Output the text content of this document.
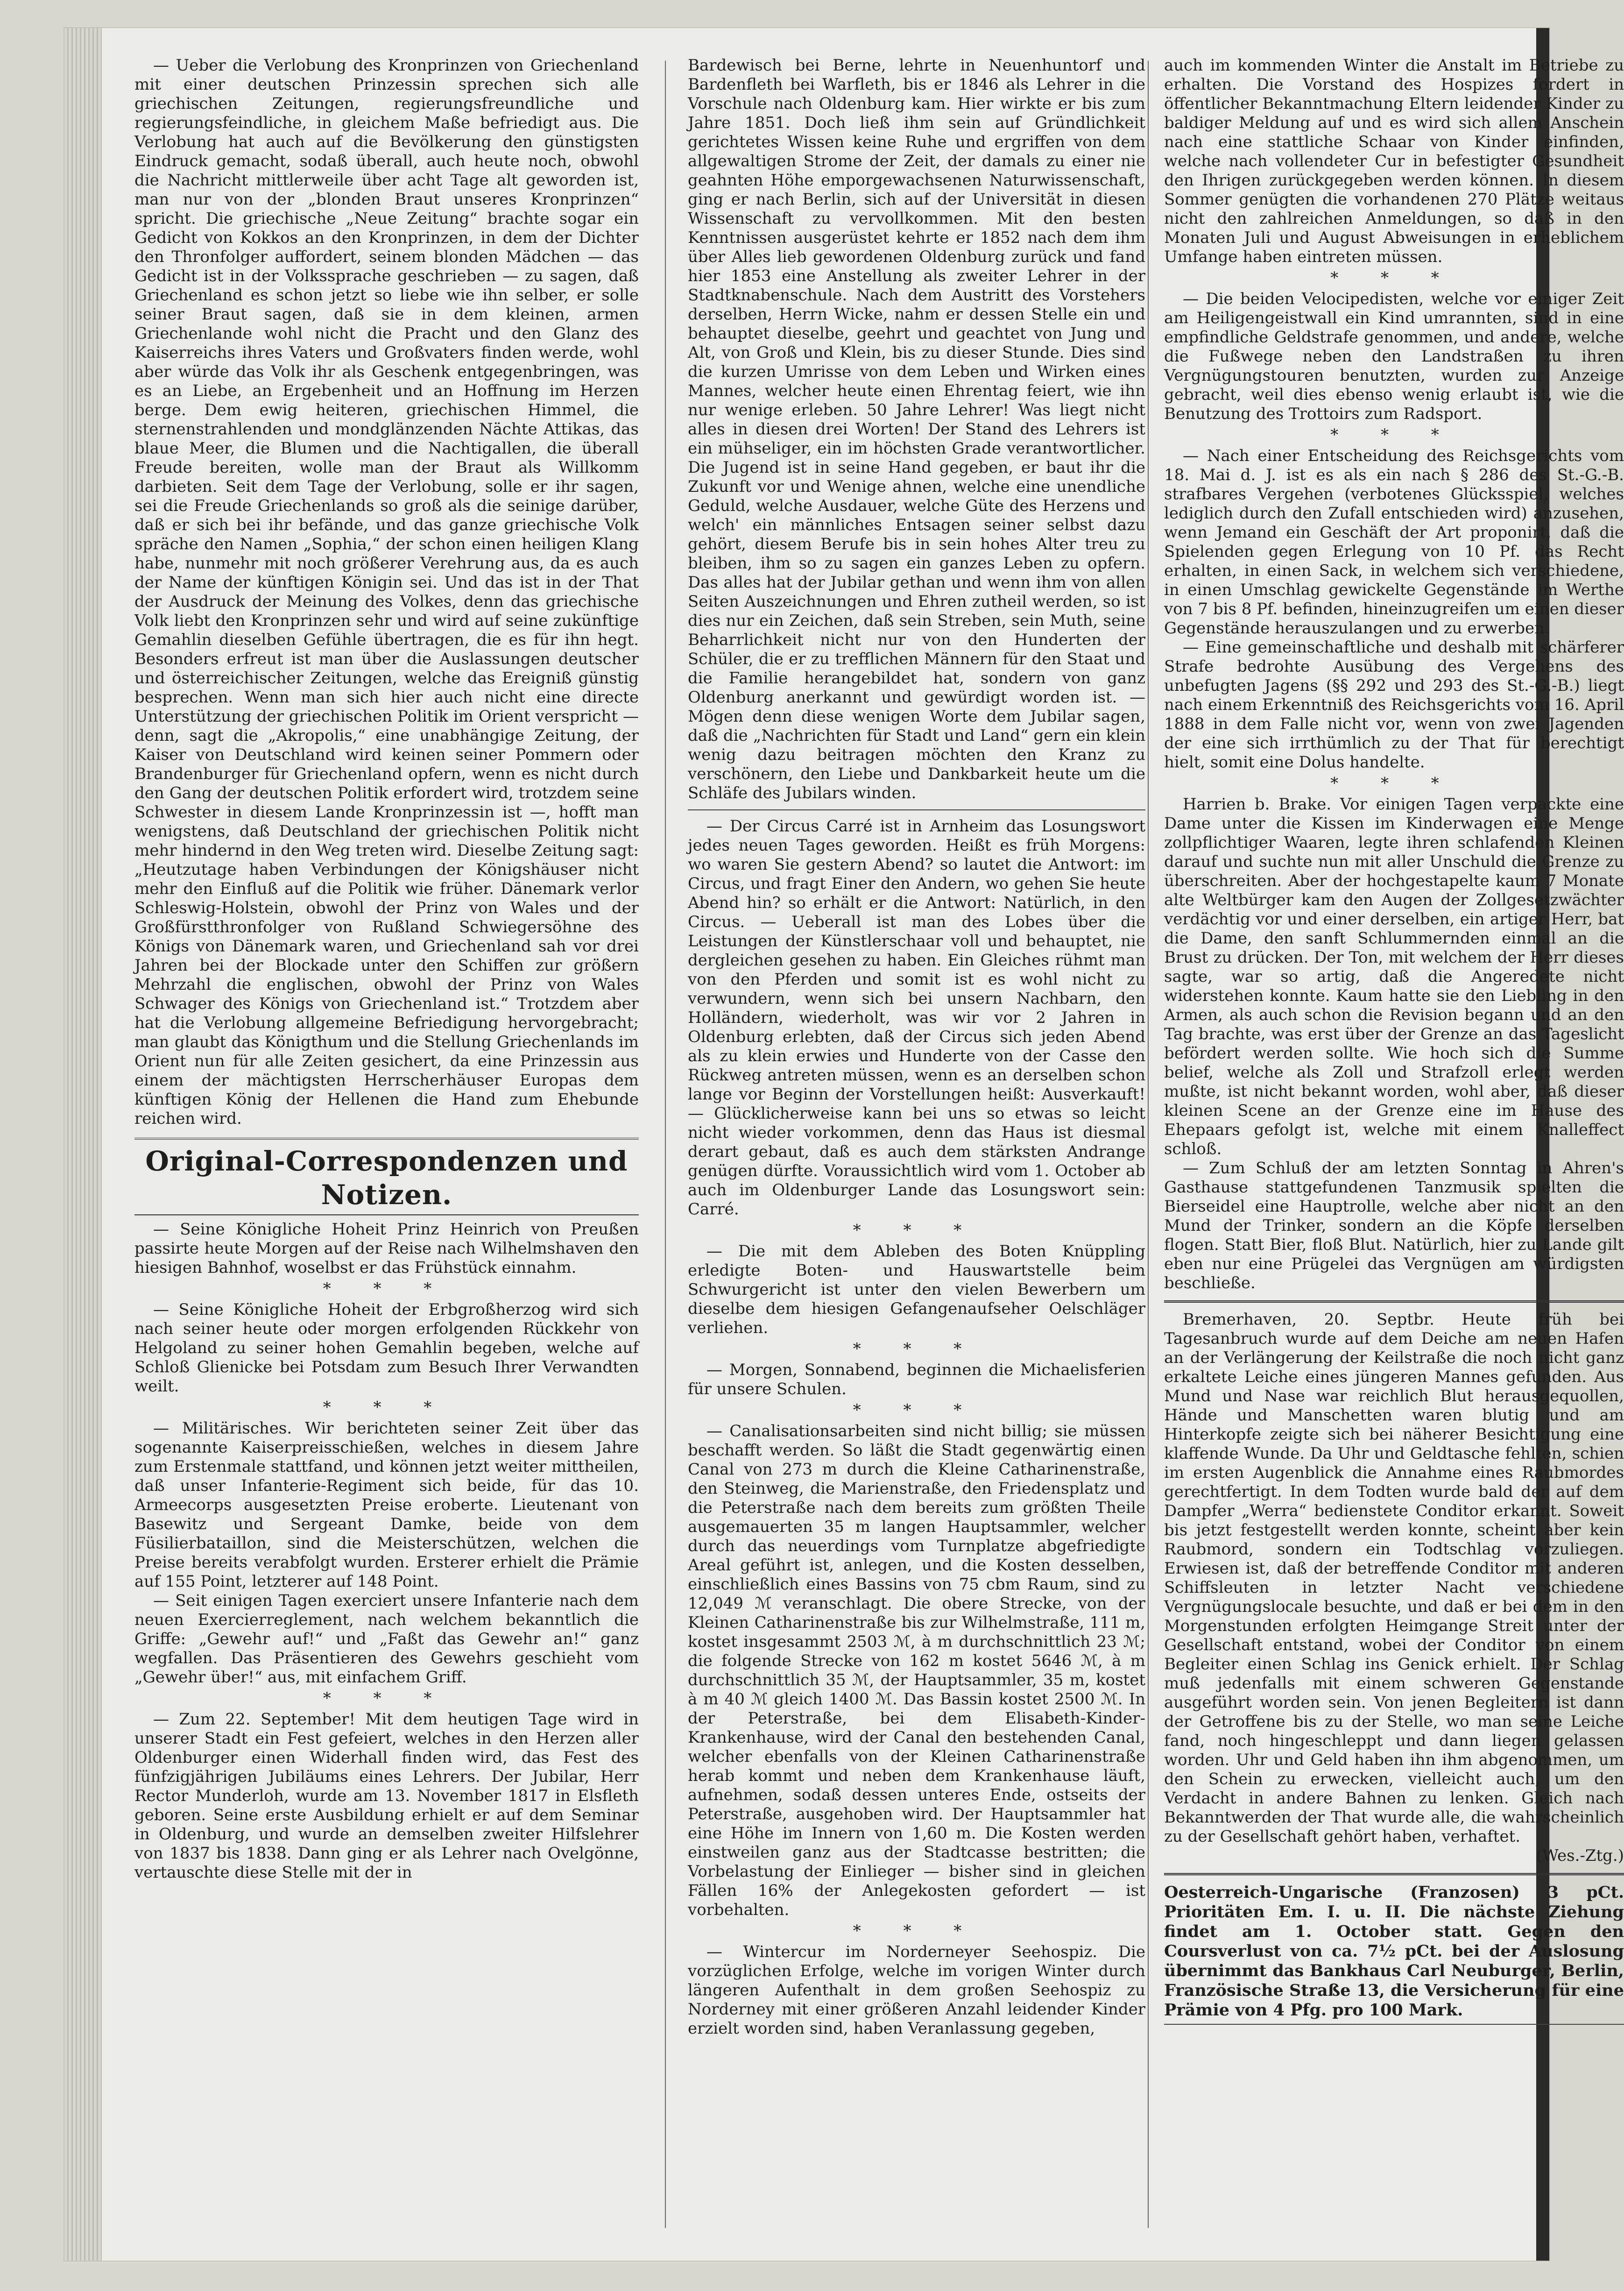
— Ueber die Verlobung des Kronprinzen von Griechenland mit einer deutschen Prinzessin sprechen sich alle griechischen Zeitungen, regierungsfreundliche und regierungsfeindliche, in gleichem Maße befriedigt aus. Die Verlobung hat auch auf die Bevölkerung den günstigsten Eindruck gemacht, sodaß überall, auch heute noch, obwohl die Nachricht mittlerweile über acht Tage alt geworden ist, man nur von der „blonden Braut unseres Kronprinzen“ spricht. Die griechische „Neue Zeitung“ brachte sogar ein Gedicht von Kokkos an den Kronprinzen, in dem der Dichter den Thronfolger auffordert, seinem blonden Mädchen — das Gedicht ist in der Volkssprache geschrieben — zu sagen, daß Griechenland es schon jetzt so liebe wie ihn selber, er solle seiner Braut sagen, daß sie in dem kleinen, armen Griechenlande wohl nicht die Pracht und den Glanz des Kaiserreichs ihres Vaters und Großvaters finden werde, wohl aber würde das Volk ihr als Geschenk entgegenbringen, was es an Liebe, an Ergebenheit und an Hoffnung im Herzen berge. Dem ewig heiteren, griechischen Himmel, die sternenstrahlenden und mondglänzenden Nächte Attikas, das blaue Meer, die Blumen und die Nachtigallen, die überall Freude bereiten, wolle man der Braut als Willkomm darbieten. Seit dem Tage der Verlobung, solle er ihr sagen, sei die Freude Griechenlands so groß als die seinige darüber, daß er sich bei ihr befände, und das ganze griechische Volk spräche den Namen „Sophia,“ der schon einen heiligen Klang habe, nunmehr mit noch größerer Verehrung aus, da es auch der Name der künftigen Königin sei. Und das ist in der That der Ausdruck der Meinung des Volkes, denn das griechische Volk liebt den Kronprinzen sehr und wird auf seine zukünftige Gemahlin dieselben Gefühle übertragen, die es für ihn hegt. Besonders erfreut ist man über die Auslassungen deutscher und österreichischer Zeitungen, welche das Ereigniß günstig besprechen. Wenn man sich hier auch nicht eine directe Unterstützung der griechischen Politik im Orient verspricht — denn, sagt die „Akropolis,“ eine unabhängige Zeitung, der Kaiser von Deutschland wird keinen seiner Pommern oder Brandenburger für Griechenland opfern, wenn es nicht durch den Gang der deutschen Politik erfordert wird, trotzdem seine Schwester in diesem Lande Kronprinzessin ist —, hofft man wenigstens, daß Deutschland der griechischen Politik nicht mehr hindernd in den Weg treten wird. Dieselbe Zeitung sagt: „Heutzutage haben Verbindungen der Königshäuser nicht mehr den Einfluß auf die Politik wie früher. Dänemark verlor Schleswig-Holstein, obwohl der Prinz von Wales und der Großfürstthronfolger von Rußland Schwiegersöhne des Königs von Dänemark waren, und Griechenland sah vor drei Jahren bei der Blockade unter den Schiffen zur größern Mehrzahl die englischen, obwohl der Prinz von Wales Schwager des Königs von Griechenland ist.“ Trotzdem aber hat die Verlobung allgemeine Befriedigung hervorgebracht; man glaubt das Königthum und die Stellung Griechenlands im Orient nun für alle Zeiten gesichert, da eine Prinzessin aus einem der mächtigsten Herrscherhäuser Europas dem künftigen König der Hellenen die Hand zum Ehebunde reichen wird.

Original-Correspondenzen und Notizen.

— Seine Königliche Hoheit Prinz Heinrich von Preußen passirte heute Morgen auf der Reise nach Wilhelmshaven den hiesigen Bahnhof, woselbst er das Frühstück einnahm.

* * *

— Seine Königliche Hoheit der Erbgroßherzog wird sich nach seiner heute oder morgen erfolgenden Rückkehr von Helgoland zu seiner hohen Gemahlin begeben, welche auf Schloß Glienicke bei Potsdam zum Besuch Ihrer Verwandten weilt.

* * *

— Militärisches. Wir berichteten seiner Zeit über das sogenannte Kaiserpreisschießen, welches in diesem Jahre zum Erstenmale stattfand, und können jetzt weiter mittheilen, daß unser Infanterie-Regiment sich beide, für das 10. Armeecorps ausgesetzten Preise eroberte. Lieutenant von Basewitz und Sergeant Damke, beide von dem Füsilierbataillon, sind die Meisterschützen, welchen die Preise bereits verabfolgt wurden. Ersterer erhielt die Prämie auf 155 Point, letzterer auf 148 Point.

— Seit einigen Tagen exerciert unsere Infanterie nach dem neuen Exercierreglement, nach welchem bekanntlich die Griffe: „Gewehr auf!“ und „Faßt das Gewehr an!“ ganz wegfallen. Das Präsentieren des Gewehrs geschieht vom „Gewehr über!“ aus, mit einfachem Griff.

* * *

— Zum 22. September! Mit dem heutigen Tage wird in unserer Stadt ein Fest gefeiert, welches in den Herzen aller Oldenburger einen Widerhall finden wird, das Fest des fünfzigjährigen Jubiläums eines Lehrers. Der Jubilar, Herr Rector Munderloh, wurde am 13. November 1817 in Elsfleth geboren. Seine erste Ausbildung erhielt er auf dem Seminar in Oldenburg, und wurde an demselben zweiter Hilfslehrer von 1837 bis 1838. Dann ging er als Lehrer nach Ovelgönne, vertauschte diese Stelle mit der in

Bardewisch bei Berne, lehrte in Neuenhuntorf und Bardenfleth bei Warfleth, bis er 1846 als Lehrer in die Vorschule nach Oldenburg kam. Hier wirkte er bis zum Jahre 1851. Doch ließ ihm sein auf Gründlichkeit gerichtetes Wissen keine Ruhe und ergriffen von dem allgewaltigen Strome der Zeit, der damals zu einer nie geahnten Höhe emporgewachsenen Naturwissenschaft, ging er nach Berlin, sich auf der Universität in diesen Wissenschaft zu vervollkommen. Mit den besten Kenntnissen ausgerüstet kehrte er 1852 nach dem ihm über Alles lieb gewordenen Oldenburg zurück und fand hier 1853 eine Anstellung als zweiter Lehrer in der Stadtknabenschule. Nach dem Austritt des Vorstehers derselben, Herrn Wicke, nahm er dessen Stelle ein und behauptet dieselbe, geehrt und geachtet von Jung und Alt, von Groß und Klein, bis zu dieser Stunde. Dies sind die kurzen Umrisse von dem Leben und Wirken eines Mannes, welcher heute einen Ehrentag feiert, wie ihn nur wenige erleben. 50 Jahre Lehrer! Was liegt nicht alles in diesen drei Worten! Der Stand des Lehrers ist ein mühseliger, ein im höchsten Grade verantwortlicher. Die Jugend ist in seine Hand gegeben, er baut ihr die Zukunft vor und Wenige ahnen, welche eine unendliche Geduld, welche Ausdauer, welche Güte des Herzens und welch' ein männliches Entsagen seiner selbst dazu gehört, diesem Berufe bis in sein hohes Alter treu zu bleiben, ihm so zu sagen ein ganzes Leben zu opfern. Das alles hat der Jubilar gethan und wenn ihm von allen Seiten Auszeichnungen und Ehren zutheil werden, so ist dies nur ein Zeichen, daß sein Streben, sein Muth, seine Beharrlichkeit nicht nur von den Hunderten der Schüler, die er zu trefflichen Männern für den Staat und die Familie herangebildet hat, sondern von ganz Oldenburg anerkannt und gewürdigt worden ist. — Mögen denn diese wenigen Worte dem Jubilar sagen, daß die „Nachrichten für Stadt und Land“ gern ein klein wenig dazu beitragen möchten den Kranz zu verschönern, den Liebe und Dankbarkeit heute um die Schläfe des Jubilars winden.

— Der Circus Carré ist in Arnheim das Losungswort jedes neuen Tages geworden. Heißt es früh Morgens: wo waren Sie gestern Abend? so lautet die Antwort: im Circus, und fragt Einer den Andern, wo gehen Sie heute Abend hin? so erhält er die Antwort: Natürlich, in den Circus. — Ueberall ist man des Lobes über die Leistungen der Künstlerschaar voll und behauptet, nie dergleichen gesehen zu haben. Ein Gleiches rühmt man von den Pferden und somit ist es wohl nicht zu verwundern, wenn sich bei unsern Nachbarn, den Holländern, wiederholt, was wir vor 2 Jahren in Oldenburg erlebten, daß der Circus sich jeden Abend als zu klein erwies und Hunderte von der Casse den Rückweg antreten müssen, wenn es an derselben schon lange vor Beginn der Vorstellungen heißt: Ausverkauft! — Glücklicherweise kann bei uns so etwas so leicht nicht wieder vorkommen, denn das Haus ist diesmal derart gebaut, daß es auch dem stärksten Andrange genügen dürfte. Voraussichtlich wird vom 1. October ab auch im Oldenburger Lande das Losungswort sein: Carré.

* * *

— Die mit dem Ableben des Boten Knüppling erledigte Boten- und Hauswartstelle beim Schwurgericht ist unter den vielen Bewerbern um dieselbe dem hiesigen Gefangenaufseher Oelschläger verliehen.

* * *

— Morgen, Sonnabend, beginnen die Michaelisferien für unsere Schulen.

* * *

— Canalisationsarbeiten sind nicht billig; sie müssen beschafft werden. So läßt die Stadt gegenwärtig einen Canal von 273 m durch die Kleine Catharinenstraße, den Steinweg, die Marienstraße, den Friedensplatz und die Peterstraße nach dem bereits zum größten Theile ausgemauerten 35 m langen Hauptsammler, welcher durch das neuerdings vom Turnplatze abgefriedigte Areal geführt ist, anlegen, und die Kosten desselben, einschließlich eines Bassins von 75 cbm Raum, sind zu 12,049 ℳ veranschlagt. Die obere Strecke, von der Kleinen Catharinenstraße bis zur Wilhelmstraße, 111 m, kostet insgesammt 2503 ℳ, à m durchschnittlich 23 ℳ; die folgende Strecke von 162 m kostet 5646 ℳ, à m durchschnittlich 35 ℳ, der Hauptsammler, 35 m, kostet à m 40 ℳ gleich 1400 ℳ. Das Bassin kostet 2500 ℳ. In der Peterstraße, bei dem Elisabeth-Kinder-Krankenhause, wird der Canal den bestehenden Canal, welcher ebenfalls von der Kleinen Catharinenstraße herab kommt und neben dem Krankenhause läuft, aufnehmen, sodaß dessen unteres Ende, ostseits der Peterstraße, ausgehoben wird. Der Hauptsammler hat eine Höhe im Innern von 1,60 m. Die Kosten werden einstweilen ganz aus der Stadtcasse bestritten; die Vorbelastung der Einlieger — bisher sind in gleichen Fällen 16% der Anlegekosten gefordert — ist vorbehalten.

* * *

— Wintercur im Norderneyer Seehospiz. Die vorzüglichen Erfolge, welche im vorigen Winter durch längeren Aufenthalt in dem großen Seehospiz zu Norderney mit einer größeren Anzahl leidender Kinder erzielt worden sind, haben Veranlassung gegeben,

auch im kommenden Winter die Anstalt im Betriebe zu erhalten. Die Vorstand des Hospizes fordert in öffentlicher Bekanntmachung Eltern leidender Kinder zu baldiger Meldung auf und es wird sich allem Anschein nach eine stattliche Schaar von Kinder einfinden, welche nach vollendeter Cur in befestigter Gesundheit den Ihrigen zurückgegeben werden können. In diesem Sommer genügten die vorhandenen 270 Plätze weitaus nicht den zahlreichen Anmeldungen, so daß in den Monaten Juli und August Abweisungen in erheblichem Umfange haben eintreten müssen.

* * *

— Die beiden Velocipedisten, welche vor einiger Zeit am Heiligengeistwall ein Kind umrannten, sind in eine empfindliche Geldstrafe genommen, und andere, welche die Fußwege neben den Landstraßen zu ihren Vergnügungstouren benutzten, wurden zur Anzeige gebracht, weil dies ebenso wenig erlaubt ist, wie die Benutzung des Trottoirs zum Radsport.

* * *

— Nach einer Entscheidung des Reichsgerichts vom 18. Mai d. J. ist es als ein nach § 286 des St.-G.-B. strafbares Vergehen (verbotenes Glücksspiel, welches lediglich durch den Zufall entschieden wird) anzusehen, wenn Jemand ein Geschäft der Art proponirt, daß die Spielenden gegen Erlegung von 10 Pf. das Recht erhalten, in einen Sack, in welchem sich verschiedene, in einen Umschlag gewickelte Gegenstände im Werthe von 7 bis 8 Pf. befinden, hineinzugreifen um einen dieser Gegenstände herauszulangen und zu erwerben.

— Eine gemeinschaftliche und deshalb mit schärferer Strafe bedrohte Ausübung des Vergehens des unbefugten Jagens (§§ 292 und 293 des St.-G.-B.) liegt nach einem Erkenntniß des Reichsgerichts vom 16. April 1888 in dem Falle nicht vor, wenn von zwei Jagenden der eine sich irrthümlich zu der That für berechtigt hielt, somit eine Dolus handelte.

* * *

Harrien b. Brake. Vor einigen Tagen verpackte eine Dame unter die Kissen im Kinderwagen eine Menge zollpflichtiger Waaren, legte ihren schlafenden Kleinen darauf und suchte nun mit aller Unschuld die Grenze zu überschreiten. Aber der hochgestapelte kaum 7 Monate alte Weltbürger kam den Augen der Zollgesetzwächter verdächtig vor und einer derselben, ein artiger Herr, bat die Dame, den sanft Schlummernden einmal an die Brust zu drücken. Der Ton, mit welchem der Herr dieses sagte, war so artig, daß die Angeredete nicht widerstehen konnte. Kaum hatte sie den Liebling in den Armen, als auch schon die Revision begann und an den Tag brachte, was erst über der Grenze an das Tageslicht befördert werden sollte. Wie hoch sich die Summe belief, welche als Zoll und Strafzoll erlegt werden mußte, ist nicht bekannt worden, wohl aber, daß dieser kleinen Scene an der Grenze eine im Hause des Ehepaars gefolgt ist, welche mit einem Knalleffect schloß.

— Zum Schluß der am letzten Sonntag in Ahren's Gasthause stattgefundenen Tanzmusik spielten die Bierseidel eine Hauptrolle, welche aber nicht an den Mund der Trinker, sondern an die Köpfe derselben flogen. Statt Bier, floß Blut. Natürlich, hier zu Lande gilt eben nur eine Prügelei das Vergnügen am würdigsten beschließe.

Bremerhaven, 20. Septbr. Heute früh bei Tagesanbruch wurde auf dem Deiche am neuen Hafen an der Verlängerung der Keilstraße die noch nicht ganz erkaltete Leiche eines jüngeren Mannes gefunden. Aus Mund und Nase war reichlich Blut herausgequollen, Hände und Manschetten waren blutig und am Hinterkopfe zeigte sich bei näherer Besichtigung eine klaffende Wunde. Da Uhr und Geldtasche fehlten, schien im ersten Augenblick die Annahme eines Raubmordes gerechtfertigt. In dem Todten wurde bald der auf dem Dampfer „Werra“ bedienstete Conditor erkannt. Soweit bis jetzt festgestellt werden konnte, scheint aber kein Raubmord, sondern ein Todtschlag vorzuliegen. Erwiesen ist, daß der betreffende Conditor mit anderen Schiffsleuten in letzter Nacht verschiedene Vergnügungslocale besuchte, und daß er bei dem in den Morgenstunden erfolgten Heimgange Streit unter der Gesellschaft entstand, wobei der Conditor von einem Begleiter einen Schlag ins Genick erhielt. Der Schlag muß jedenfalls mit einem schweren Gegenstande ausgeführt worden sein. Von jenen Begleitern ist dann der Getroffene bis zu der Stelle, wo man seine Leiche fand, noch hingeschleppt und dann liegen gelassen worden. Uhr und Geld haben ihn ihm abgenommen, um den Schein zu erwecken, vielleicht auch, um den Verdacht in andere Bahnen zu lenken. Gleich nach Bekanntwerden der That wurde alle, die wahrscheinlich zu der Gesellschaft gehört haben, verhaftet.

(Wes.-Ztg.)

Oesterreich-Ungarische (Franzosen) 3 pCt. Prioritäten Em. I. u. II. Die nächste Ziehung findet am 1. October statt. Gegen den Coursverlust von ca. 7½ pCt. bei der Auslosung übernimmt das Bankhaus Carl Neuburger, Berlin, Französische Straße 13, die Versicherung für eine Prämie von 4 Pfg. pro 100 Mark.
